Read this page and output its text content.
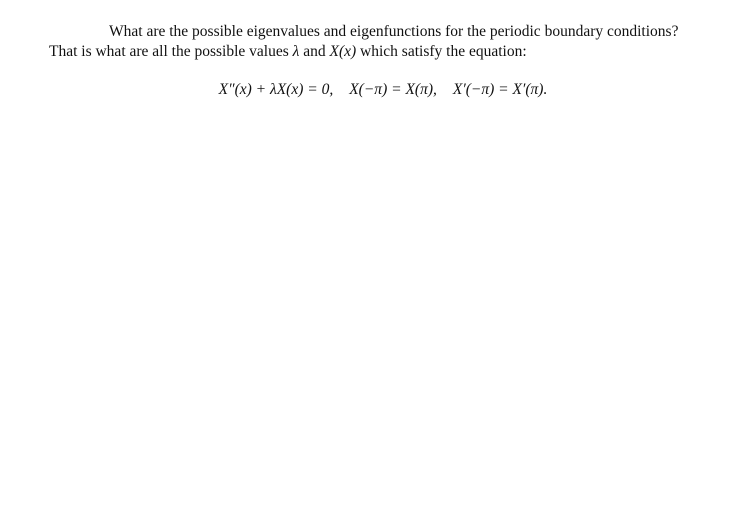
What are the possible eigenvalues and eigenfunctions for the periodic boundary conditions?
That is what are all the possible values λ and X(x) which satisfy the equation:
X″(x) + λX(x) = 0, X(−π) = X(π), X′(−π) = X′(π).
